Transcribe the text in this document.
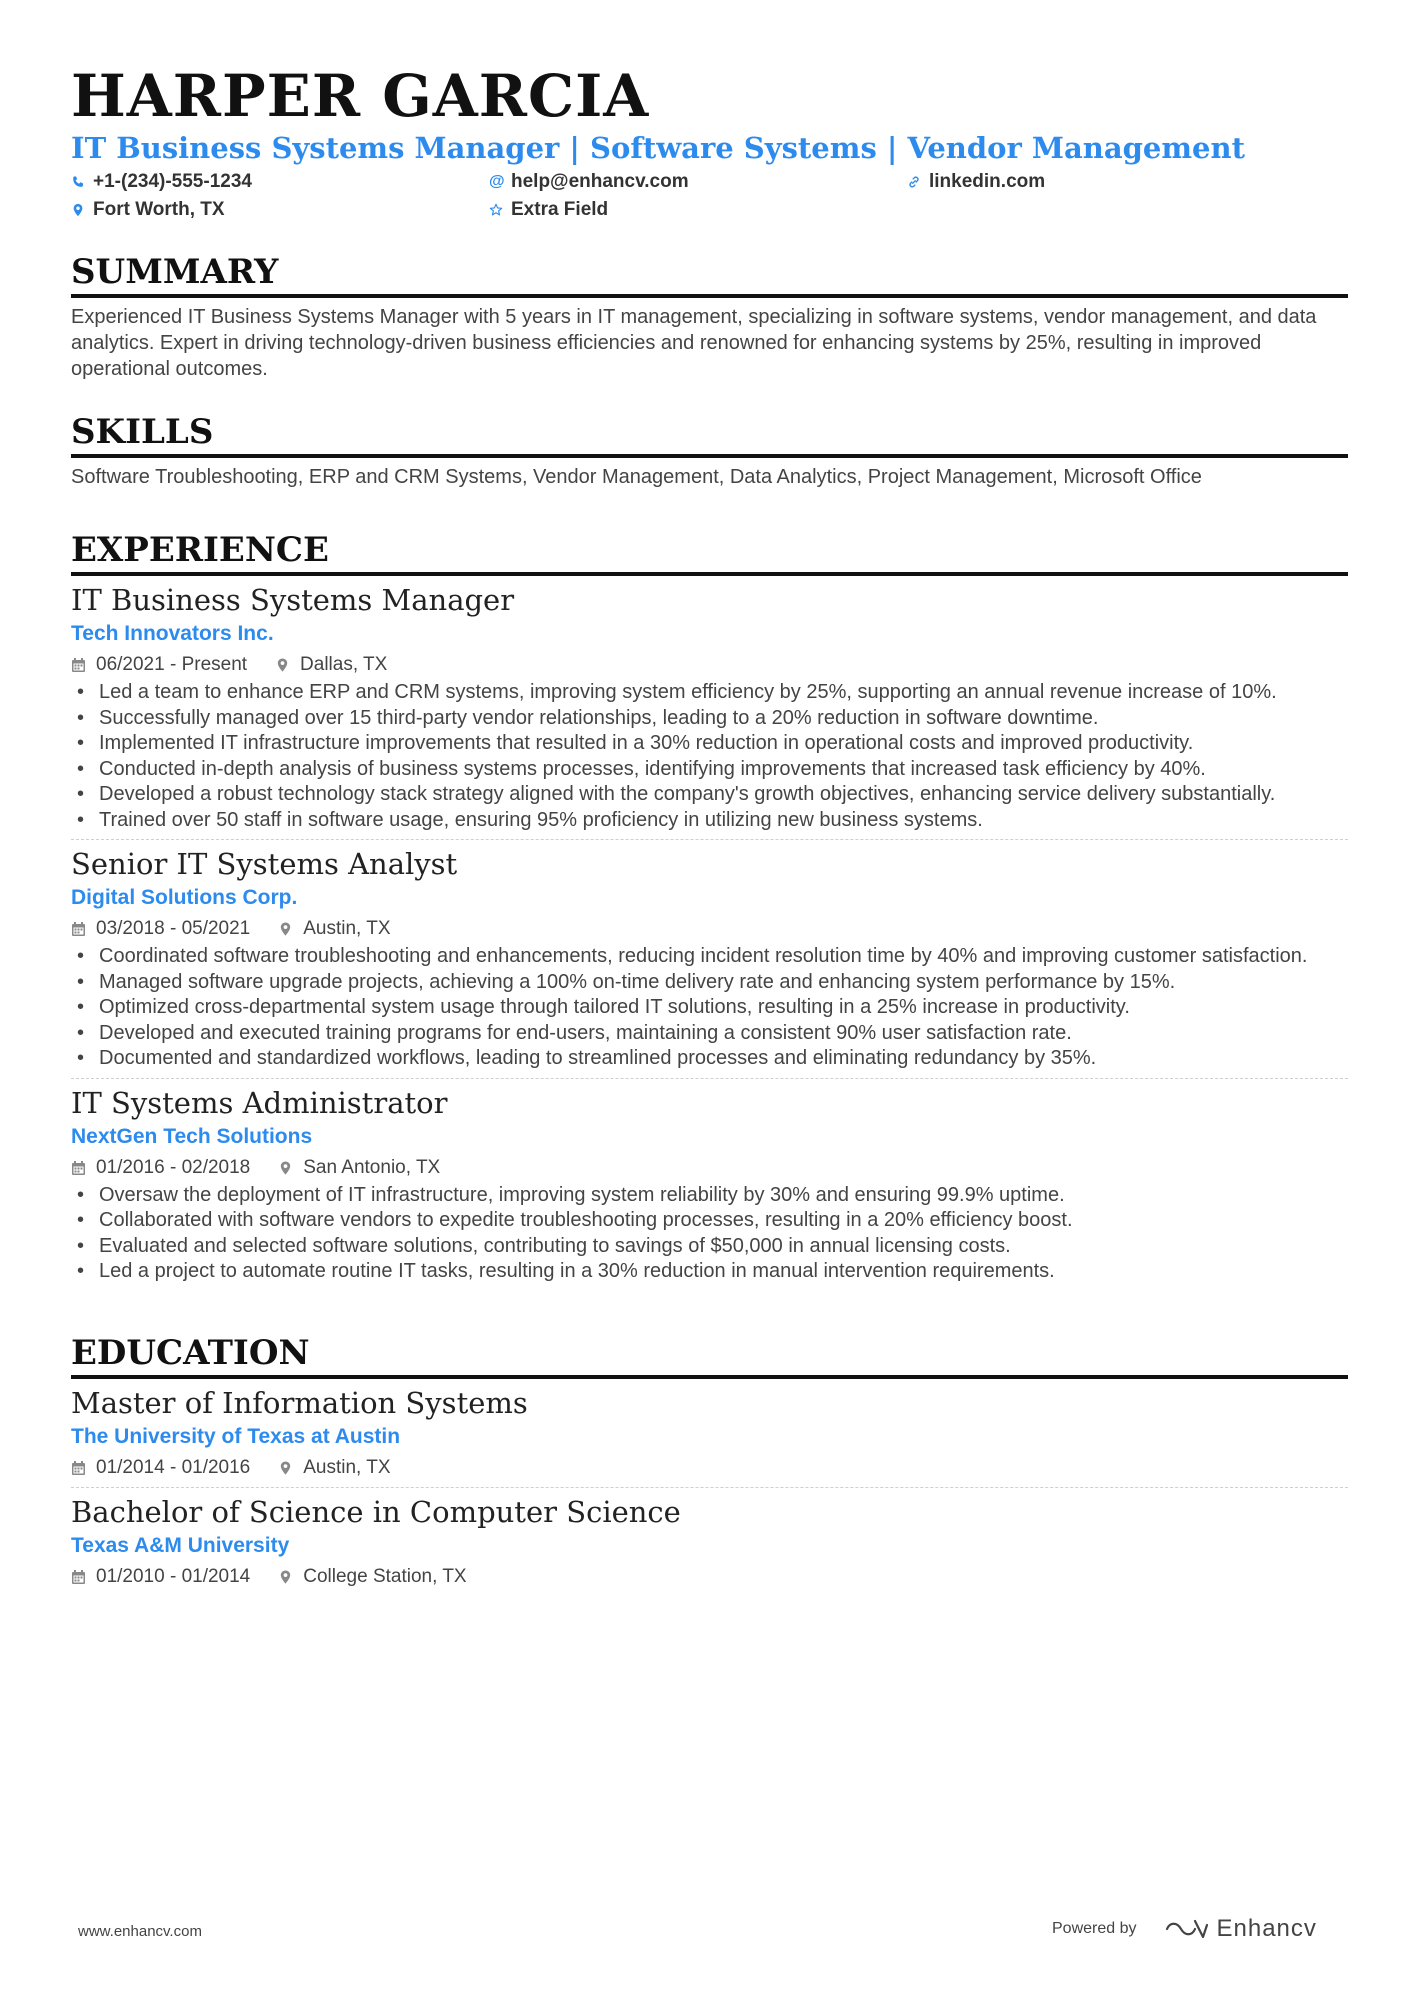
HARPER GARCIA
IT Business Systems Manager | Software Systems | Vendor Management
+1-(234)-555-1234	@ help@enhancv.com	linkedin.com
Fort Worth, TX	Extra Field
SUMMARY
Experienced IT Business Systems Manager with 5 years in IT management, specializing in software systems, vendor management, and data analytics. Expert in driving technology-driven business efficiencies and renowned for enhancing systems by 25%, resulting in improved operational outcomes.
SKILLS
Software Troubleshooting, ERP and CRM Systems, Vendor Management, Data Analytics, Project Management, Microsoft Office
EXPERIENCE
IT Business Systems Manager
Tech Innovators Inc.
06/2021 - Present	Dallas, TX
• Led a team to enhance ERP and CRM systems, improving system efficiency by 25%, supporting an annual revenue increase of 10%.
• Successfully managed over 15 third-party vendor relationships, leading to a 20% reduction in software downtime.
• Implemented IT infrastructure improvements that resulted in a 30% reduction in operational costs and improved productivity.
• Conducted in-depth analysis of business systems processes, identifying improvements that increased task efficiency by 40%.
• Developed a robust technology stack strategy aligned with the company's growth objectives, enhancing service delivery substantially.
• Trained over 50 staff in software usage, ensuring 95% proficiency in utilizing new business systems.
Senior IT Systems Analyst
Digital Solutions Corp.
03/2018 - 05/2021	Austin, TX
• Coordinated software troubleshooting and enhancements, reducing incident resolution time by 40% and improving customer satisfaction.
• Managed software upgrade projects, achieving a 100% on-time delivery rate and enhancing system performance by 15%.
• Optimized cross-departmental system usage through tailored IT solutions, resulting in a 25% increase in productivity.
• Developed and executed training programs for end-users, maintaining a consistent 90% user satisfaction rate.
• Documented and standardized workflows, leading to streamlined processes and eliminating redundancy by 35%.
IT Systems Administrator
NextGen Tech Solutions
01/2016 - 02/2018	San Antonio, TX
• Oversaw the deployment of IT infrastructure, improving system reliability by 30% and ensuring 99.9% uptime.
• Collaborated with software vendors to expedite troubleshooting processes, resulting in a 20% efficiency boost.
• Evaluated and selected software solutions, contributing to savings of $50,000 in annual licensing costs.
• Led a project to automate routine IT tasks, resulting in a 30% reduction in manual intervention requirements.
EDUCATION
Master of Information Systems
The University of Texas at Austin
01/2014 - 01/2016	Austin, TX
Bachelor of Science in Computer Science
Texas A&M University
01/2010 - 01/2014	College Station, TX
www.enhancv.com	Powered by	Enhancv
